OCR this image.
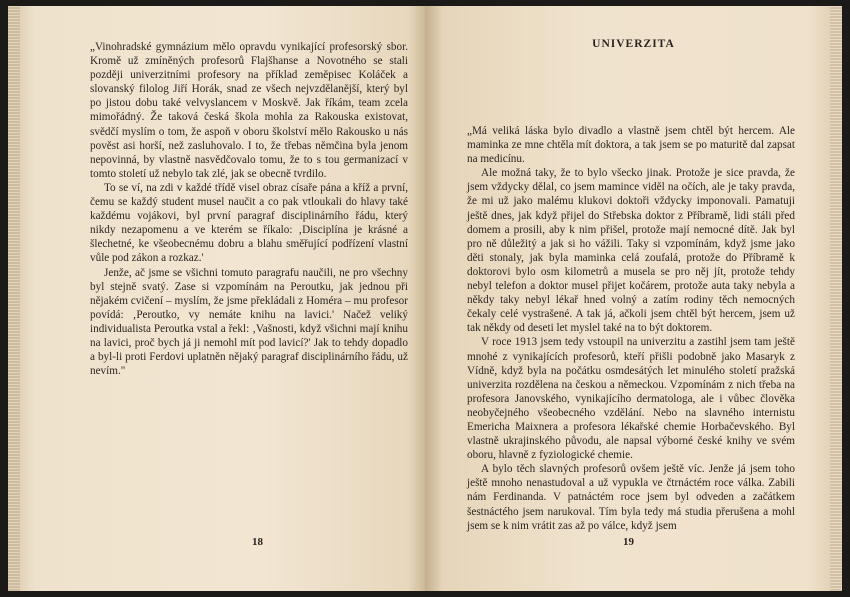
„Vinohradské gymnázium mělo opravdu vynikající profesorský sbor. Kromě už zmíněných profesorů Flajšhanse a Novotného se stali později univerzitními profesory na příklad zeměpisec Koláček a slovanský filolog Jiří Horák, snad ze všech nejvzdělanější, který byl po jistou dobu také velvyslancem v Moskvě. Jak říkám, team zcela mimořádný. Že taková česká škola mohla za Rakouska existovat, svědčí myslím o tom, že aspoň v oboru školství mělo Rakousko u nás pověst asi horší, než zasluhovalo. I to, že třebas němčina byla jenom nepovinná, by vlastně nasvědčovalo tomu, že to s tou germanizací v tomto století už nebylo tak zlé, jak se obecně tvrdilo.

To se ví, na zdi v každé třídě visel obraz císaře pána a kříž a první, čemu se každý student musel naučit a co pak vtloukali do hlavy také každému vojákovi, byl první paragraf disciplinárního řádu, který nikdy nezapomenu a ve kterém se říkalo: ‚Disciplína je krásné a šlechetné, ke všeobecnému dobru a blahu směřující podřízení vlastní vůle pod zákon a rozkaz.'

Jenže, ač jsme se všichni tomuto paragrafu naučili, ne pro všechny byl stejně svatý. Zase si vzpomínám na Peroutku, jak jednou při nějakém cvičení – myslím, že jsme překládali z Homéra – mu profesor povídá: ‚Peroutko, vy nemáte knihu na lavici.' Načež veliký individualista Peroutka vstal a řekl: ‚Vašnosti, když všichni mají knihu na lavici, proč bych já ji nemohl mít pod lavicí?' Jak to tehdy dopadlo a byl-li proti Ferdovi uplatněn nějaký paragraf disciplinárního řádu, už nevím."

18
UNIVERZITA

„Má veliká láska bylo divadlo a vlastně jsem chtěl být hercem. Ale maminka ze mne chtěla mít doktora, a tak jsem se po maturitě dal zapsat na medicínu.

Ale možná taky, že to bylo všecko jinak. Protože je sice pravda, že jsem vždycky dělal, co jsem mamince viděl na očích, ale je taky pravda, že mi už jako malému klukovi doktoři vždycky imponovali. Pamatuji ještě dnes, jak když přijel do Střebska doktor z Příbramě, lidi stáli před domem a prosili, aby k nim přišel, protože mají nemocné dítě. Jak byl pro ně důležitý a jak si ho vážili. Taky si vzpomínám, když jsme jako děti stonaly, jak byla maminka celá zoufalá, protože do Příbramě k doktorovi bylo osm kilometrů a musela se pro něj jít, protože tehdy nebyl telefon a doktor musel přijet kočárem, protože auta taky nebyla a někdy taky nebyl lékař hned volný a zatím rodiny těch nemocných čekaly celé vystrašené. A tak já, ačkoli jsem chtěl být hercem, jsem už tak někdy od deseti let myslel také na to být doktorem.

V roce 1913 jsem tedy vstoupil na univerzitu a zastihl jsem tam ještě mnohé z vynikajících profesorů, kteří přišli podobně jako Masaryk z Vídně, když byla na počátku osmdesátých let minulého století pražská univerzita rozdělena na českou a německou. Vzpomínám z nich třeba na profesora Janovského, vynikajícího dermatologa, ale i vůbec člověka neobyčejného všeobecného vzdělání. Nebo na slavného internistu Emericha Maixnera a profesora lékařské chemie Horbačevského. Byl vlastně ukrajinského původu, ale napsal výborné české knihy ve svém oboru, hlavně z fyziologické chemie.

A bylo těch slavných profesorů ovšem ještě víc. Jenže já jsem toho ještě mnoho nenastudoval a už vypukla ve čtrnáctém roce válka. Zabili nám Ferdinanda. V patnáctém roce jsem byl odveden a začátkem šestnáctého jsem narukoval. Tím byla tedy má studia přerušena a mohl jsem se k nim vrátit zas až po válce, když jsem

19
